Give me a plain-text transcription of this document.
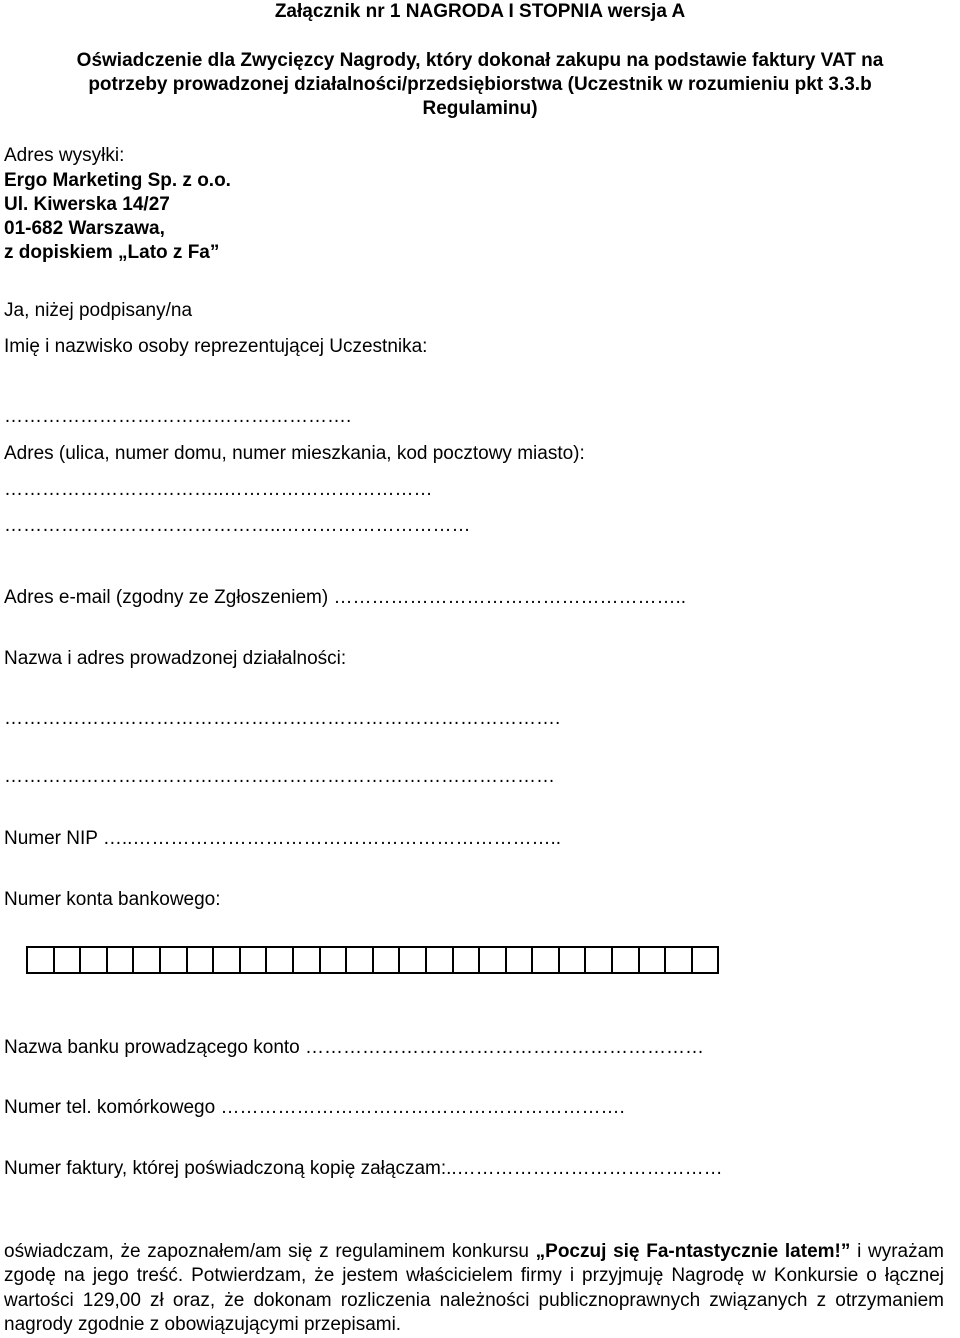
Załącznik nr 1 NAGRODA I STOPNIA wersja A
Oświadczenie dla Zwycięzcy Nagrody, który dokonał zakupu na podstawie faktury VAT na
potrzeby prowadzonej działalności/przedsiębiorstwa (Uczestnik w rozumieniu pkt 3.3.b
Regulaminu)
Adres wysyłki:
Ergo Marketing Sp. z o.o.
Ul. Kiwerska 14/27
01-682 Warszawa,
z dopiskiem „Lato z Fa”
Ja, niżej podpisany/na
Imię i nazwisko osoby reprezentującej Uczestnika:
……………………………………………….
Adres (ulica, numer domu, numer mieszkania, kod pocztowy miasto):
……………………………..……………………………
……………………………………..…………………………
Adres e-mail (zgodny ze Zgłoszeniem) ………………………………………………..
Nazwa i adres prowadzonej działalności:
…………………………………………………………………………….
……………………………………………………………………………
Numer NIP …..…………………………………………………………..
Numer konta bankowego:
Nazwa banku prowadzącego konto ………………………………………………………
Numer tel. komórkowego ……………………………………………………….
Numer faktury, której poświadczoną kopię załączam:..……………………………………
oświadczam, że zapoznałem/am się z regulaminem konkursu „Poczuj się Fa-ntastycznie latem!” i wyrażam zgodę na jego treść. Potwierdzam, że jestem właścicielem firmy i przyjmuję Nagrodę w Konkursie o łącznej wartości 129,00 zł oraz, że dokonam rozliczenia należności publicznoprawnych związanych z otrzymaniem nagrody zgodnie z obowiązującymi przepisami.
